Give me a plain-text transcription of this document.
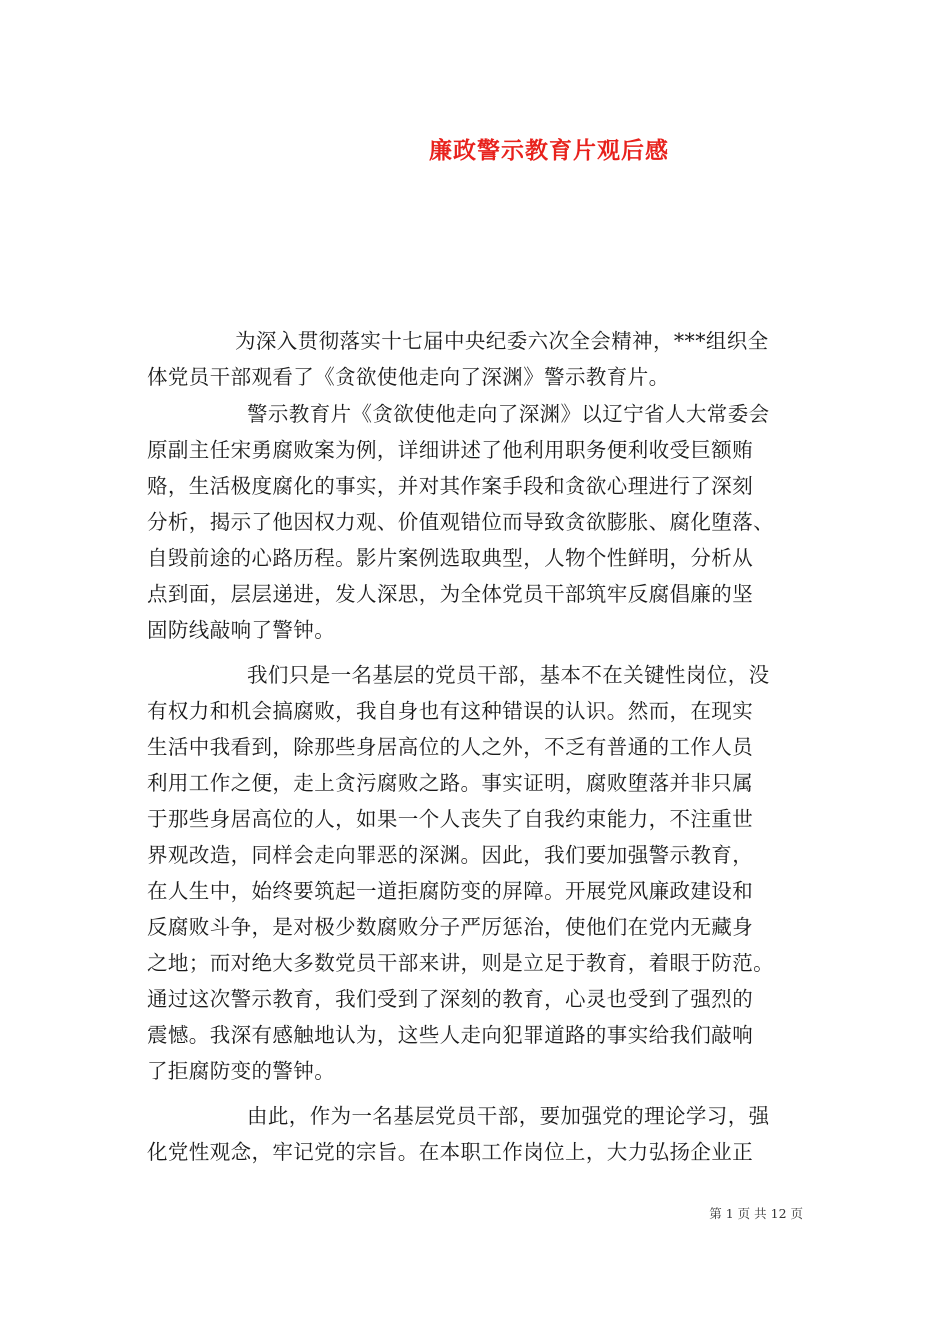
廉政警示教育片观后感
为深入贯彻落实十七届中央纪委六次全会精神，***组织全
体党员干部观看了《贪欲使他走向了深渊》警示教育片。
警示教育片《贪欲使他走向了深渊》以辽宁省人大常委会
原副主任宋勇腐败案为例，详细讲述了他利用职务便利收受巨额贿
赂，生活极度腐化的事实，并对其作案手段和贪欲心理进行了深刻
分析，揭示了他因权力观、价值观错位而导致贪欲膨胀、腐化堕落、
自毁前途的心路历程。影片案例选取典型，人物个性鲜明，分析从
点到面，层层递进，发人深思，为全体党员干部筑牢反腐倡廉的坚
固防线敲响了警钟。
我们只是一名基层的党员干部，基本不在关键性岗位，没
有权力和机会搞腐败，我自身也有这种错误的认识。然而，在现实
生活中我看到，除那些身居高位的人之外，不乏有普通的工作人员
利用工作之便，走上贪污腐败之路。事实证明，腐败堕落并非只属
于那些身居高位的人，如果一个人丧失了自我约束能力，不注重世
界观改造，同样会走向罪恶的深渊。因此，我们要加强警示教育，
在人生中，始终要筑起一道拒腐防变的屏障。开展党风廉政建设和
反腐败斗争，是对极少数腐败分子严厉惩治，使他们在党内无藏身
之地；而对绝大多数党员干部来讲，则是立足于教育，着眼于防范。
通过这次警示教育，我们受到了深刻的教育，心灵也受到了强烈的
震憾。我深有感触地认为，这些人走向犯罪道路的事实给我们敲响
了拒腐防变的警钟。
由此，作为一名基层党员干部，要加强党的理论学习，强
化党性观念，牢记党的宗旨。在本职工作岗位上，大力弘扬企业正
第 1 页 共 12 页
